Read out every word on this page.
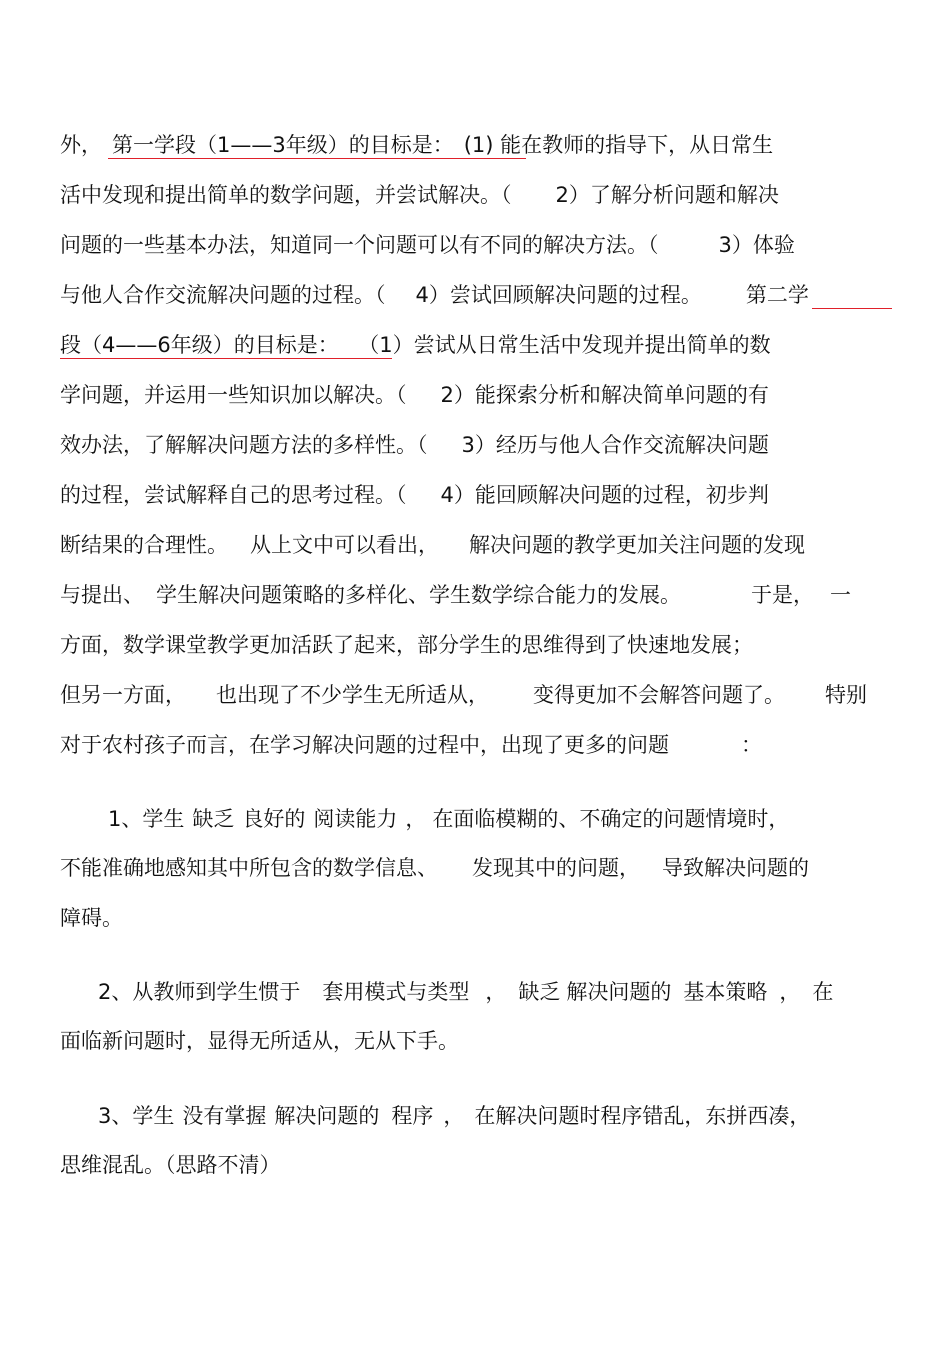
外， 第一学段（1——3年级）的目标是： (1) 能在教师的指导下，从日常生
活中发现和提出简单的数学问题，并尝试解决。（ 2）了解分析问题和解决
问题的一些基本办法，知道同一个问题可以有不同的解决方法。（	3）体验
与他人合作交流解决问题的过程。（ 4）尝试回顾解决问题的过程。 第二学
段（4——6年级）的目标是： （1）尝试从日常生活中发现并提出简单的数
学问题，并运用一些知识加以解决。（ 2）能探索分析和解决简单问题的有
效办法，了解解决问题方法的多样性。（ 3）经历与他人合作交流解决问题
的过程，尝试解释自己的思考过程。（ 4）能回顾解决问题的过程，初步判
断结果的合理性。 从上文中可以看出， 解决问题的教学更加关注问题的发现
与提出、 学生解决问题策略的多样化、学生数学综合能力的发展。	于是， 一
方面，数学课堂教学更加活跃了起来，部分学生的思维得到了快速地发展；
但另一方面， 也出现了不少学生无所适从， 变得更加不会解答问题了。 特别
对于农村孩子而言，在学习解决问题的过程中，出现了更多的问题	：
1、学生 缺乏 良好的 阅读能力 ， 在面临模糊的、不确定的问题情境时，
不能准确地感知其中所包含的数学信息、 发现其中的问题， 导致解决问题的
障碍。
2、从教师到学生惯于 套用模式与类型 ， 缺乏 解决问题的 基本策略 ， 在
面临新问题时，显得无所适从，无从下手。
3、学生 没有掌握 解决问题的 程序 ， 在解决问题时程序错乱，东拼西凑，
思维混乱。（思路不清）
